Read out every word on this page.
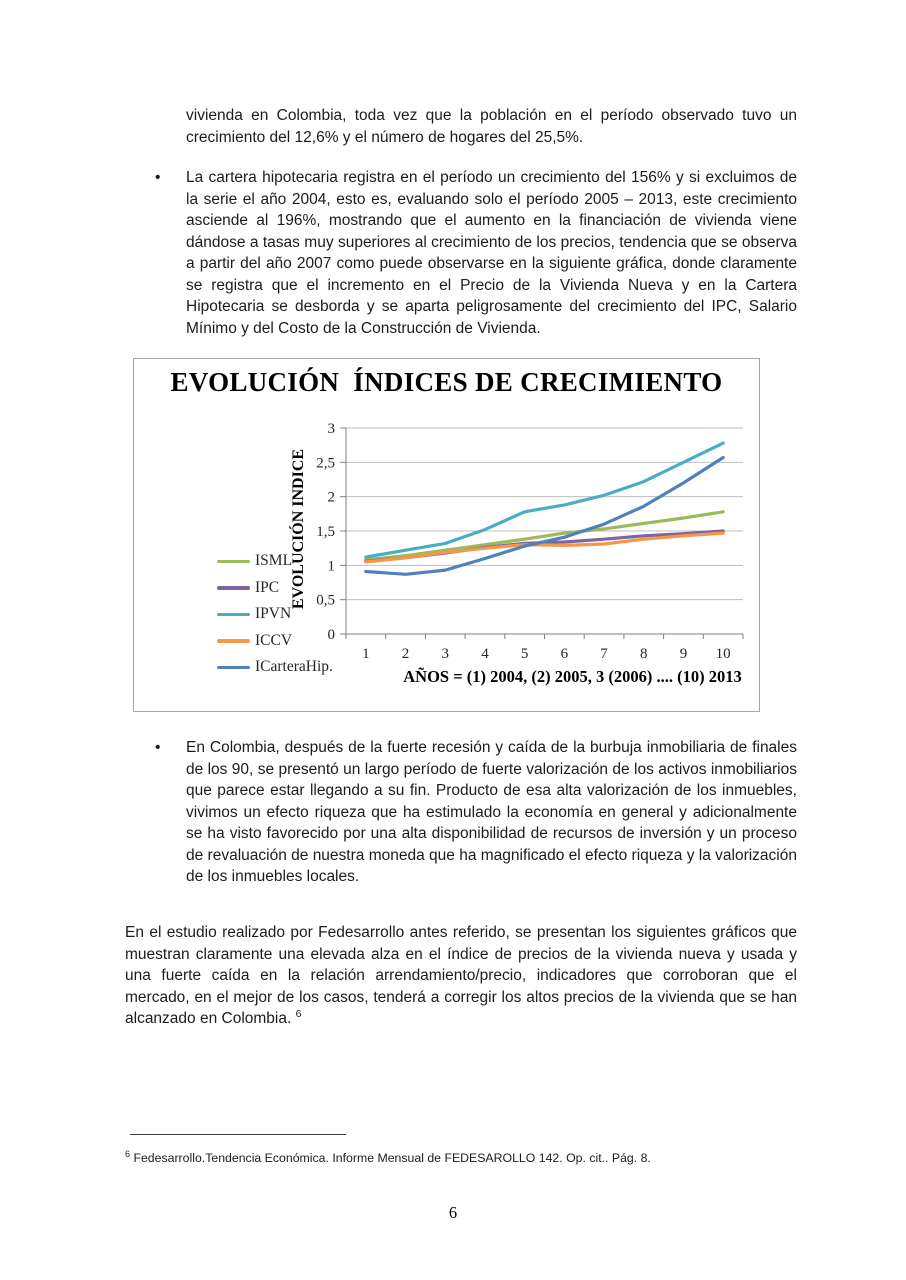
vivienda en Colombia, toda vez que la población en el período observado tuvo un crecimiento del 12,6% y el número de hogares del 25,5%.

• La cartera hipotecaria registra en el período un crecimiento del 156% y si excluimos de la serie el año 2004, esto es, evaluando solo el período 2005 – 2013, este crecimiento asciende al 196%, mostrando que el aumento en la financiación de vivienda viene dándose a tasas muy superiores al crecimiento de los precios, tendencia que se observa a partir del año 2007 como puede observarse en la siguiente gráfica, donde claramente se registra que el incremento en el Precio de la Vivienda Nueva y en la Cartera Hipotecaria se desborda y se aparta peligrosamente del crecimiento del IPC, Salario Mínimo y del Costo de la Construcción de Vivienda.

EVOLUCIÓN  ÍNDICES DE CRECIMIENTO
EVOLUCIÓN INDICE
0
0,5
1
1,5
2
2,5
3
1 2 3 4 5 6 7 8 9 10
ISML
IPC
IPVN
ICCV
ICarteraHip.
AÑOS = (1) 2004, (2) 2005, 3 (2006) .... (10) 2013
• En Colombia, después de la fuerte recesión y caída de la burbuja inmobiliaria de finales de los 90, se presentó un largo período de fuerte valorización de los activos inmobiliarios que parece estar llegando a su fin. Producto de esa alta valorización de los inmuebles, vivimos un efecto riqueza que ha estimulado la economía en general y adicionalmente se ha visto favorecido por una alta disponibilidad de recursos de inversión y un proceso de revaluación de nuestra moneda que ha magnificado el efecto riqueza y la valorización de los inmuebles locales.

En el estudio realizado por Fedesarrollo antes referido, se presentan los siguientes gráficos que muestran claramente una elevada alza en el índice de precios de la vivienda nueva y usada y una fuerte caída en la relación arrendamiento/precio, indicadores que corroboran que el mercado, en el mejor de los casos, tenderá a corregir los altos precios de la vivienda que se han alcanzado en Colombia. $^6$

$^6$ Fedesarrollo.Tendencia Económica. Informe Mensual de FEDESAROLLO 142. Op. cit.. Pág. 8.

6
